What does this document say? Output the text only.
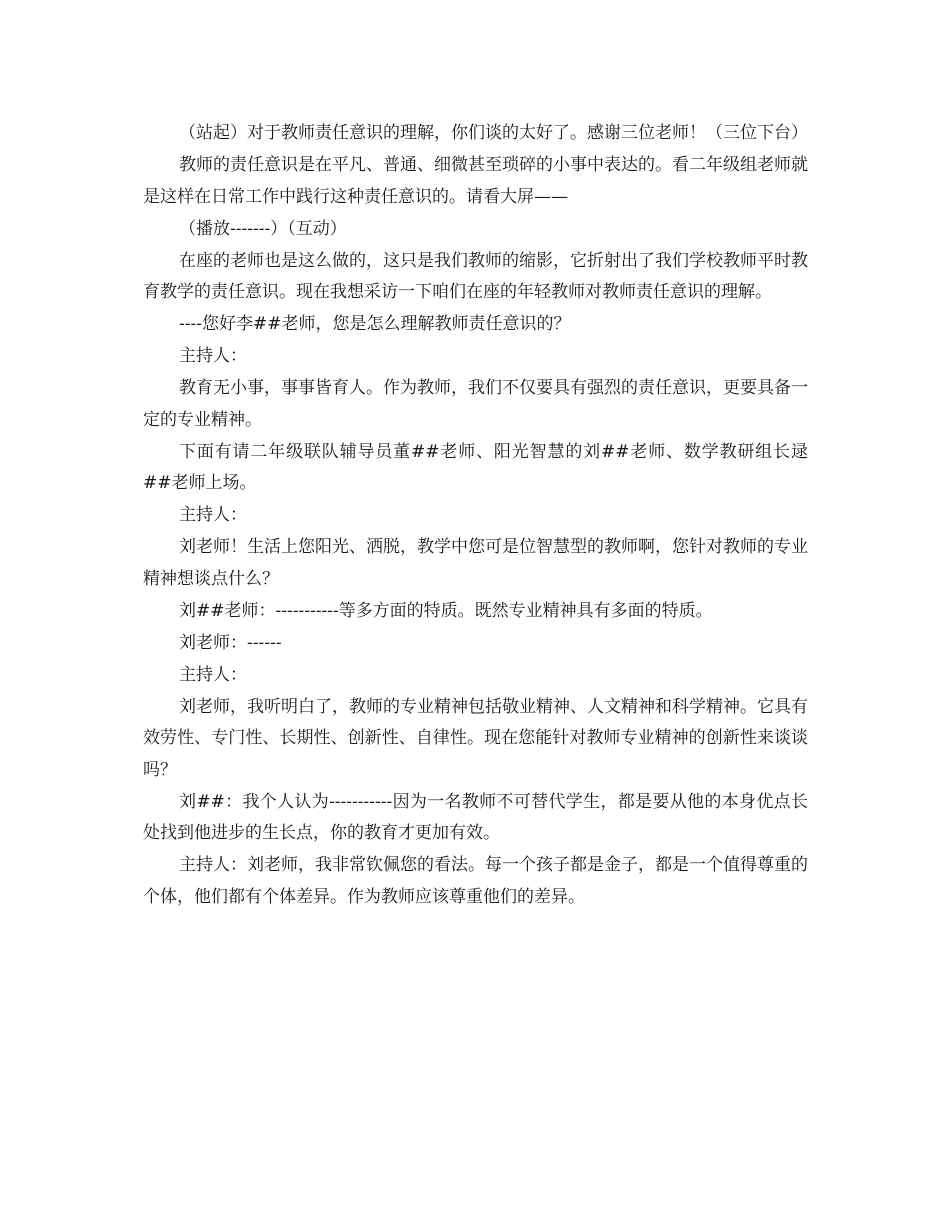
（站起）对于教师责任意识的理解，你们谈的太好了。感谢三位老师！（三位下台）

教师的责任意识是在平凡、普通、细微甚至琐碎的小事中表达的。看二年级组老师就是这样在日常工作中践行这种责任意识的。请看大屏——

（播放-------）（互动）

在座的老师也是这么做的，这只是我们教师的缩影，它折射出了我们学校教师平时教育教学的责任意识。现在我想采访一下咱们在座的年轻教师对教师责任意识的理解。

----您好李##老师，您是怎么理解教师责任意识的？

主持人：

教育无小事，事事皆育人。作为教师，我们不仅要具有强烈的责任意识，更要具备一定的专业精神。

下面有请二年级联队辅导员董##老师、阳光智慧的刘##老师、数学教研组长逯##老师上场。

主持人：

刘老师！生活上您阳光、洒脱，教学中您可是位智慧型的教师啊，您针对教师的专业精神想谈点什么？

刘##老师：-----------等多方面的特质。既然专业精神具有多面的特质。

刘老师：------

主持人：

刘老师，我听明白了，教师的专业精神包括敬业精神、人文精神和科学精神。它具有效劳性、专门性、长期性、创新性、自律性。现在您能针对教师专业精神的创新性来谈谈吗？

刘##：我个人认为-----------因为一名教师不可替代学生，都是要从他的本身优点长处找到他进步的生长点，你的教育才更加有效。

主持人：刘老师，我非常钦佩您的看法。每一个孩子都是金子，都是一个值得尊重的个体，他们都有个体差异。作为教师应该尊重他们的差异。
